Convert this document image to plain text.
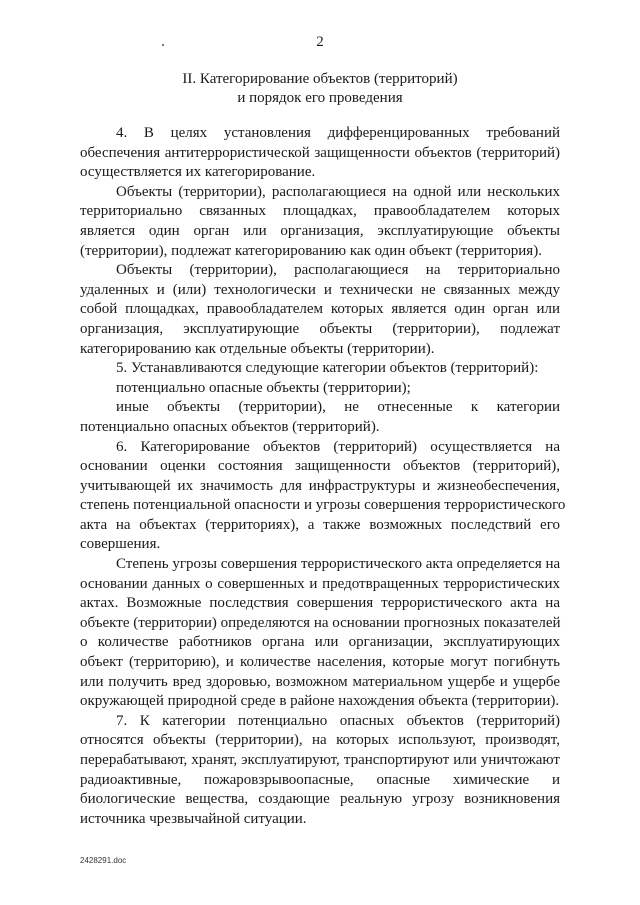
2
II. Категорирование объектов (территорий)
и порядок его проведения
4. В целях установления дифференцированных требований
обеспечения антитеррористической защищенности объектов (территорий)
осуществляется их категорирование.
Объекты (территории), располагающиеся на одной или нескольких
территориально связанных площадках, правообладателем которых
является один орган или организация, эксплуатирующие объекты
(территории), подлежат категорированию как один объект (территория).
Объекты (территории), располагающиеся на территориально
удаленных и (или) технологически и технически не связанных между
собой площадках, правообладателем которых является один орган или
организация, эксплуатирующие объекты (территории), подлежат
категорированию как отдельные объекты (территории).
5. Устанавливаются следующие категории объектов (территорий):
потенциально опасные объекты (территории);
иные объекты (территории), не отнесенные к категории
потенциально опасных объектов (территорий).
6. Категорирование объектов (территорий) осуществляется на
основании оценки состояния защищенности объектов (территорий),
учитывающей их значимость для инфраструктуры и жизнеобеспечения,
степень потенциальной опасности и угрозы совершения террористического
акта на объектах (территориях), а также возможных последствий его
совершения.
Степень угрозы совершения террористического акта определяется на
основании данных о совершенных и предотвращенных террористических
актах. Возможные последствия совершения террористического акта на
объекте (территории) определяются на основании прогнозных показателей
о количестве работников органа или организации, эксплуатирующих
объект (территорию), и количестве населения, которые могут погибнуть
или получить вред здоровью, возможном материальном ущербе и ущербе
окружающей природной среде в районе нахождения объекта (территории).
7. К категории потенциально опасных объектов (территорий)
относятся объекты (территории), на которых используют, производят,
перерабатывают, хранят, эксплуатируют, транспортируют или уничтожают
радиоактивные, пожаровзрывоопасные, опасные химические и
биологические вещества, создающие реальную угрозу возникновения
источника чрезвычайной ситуации.
2428291.doc
